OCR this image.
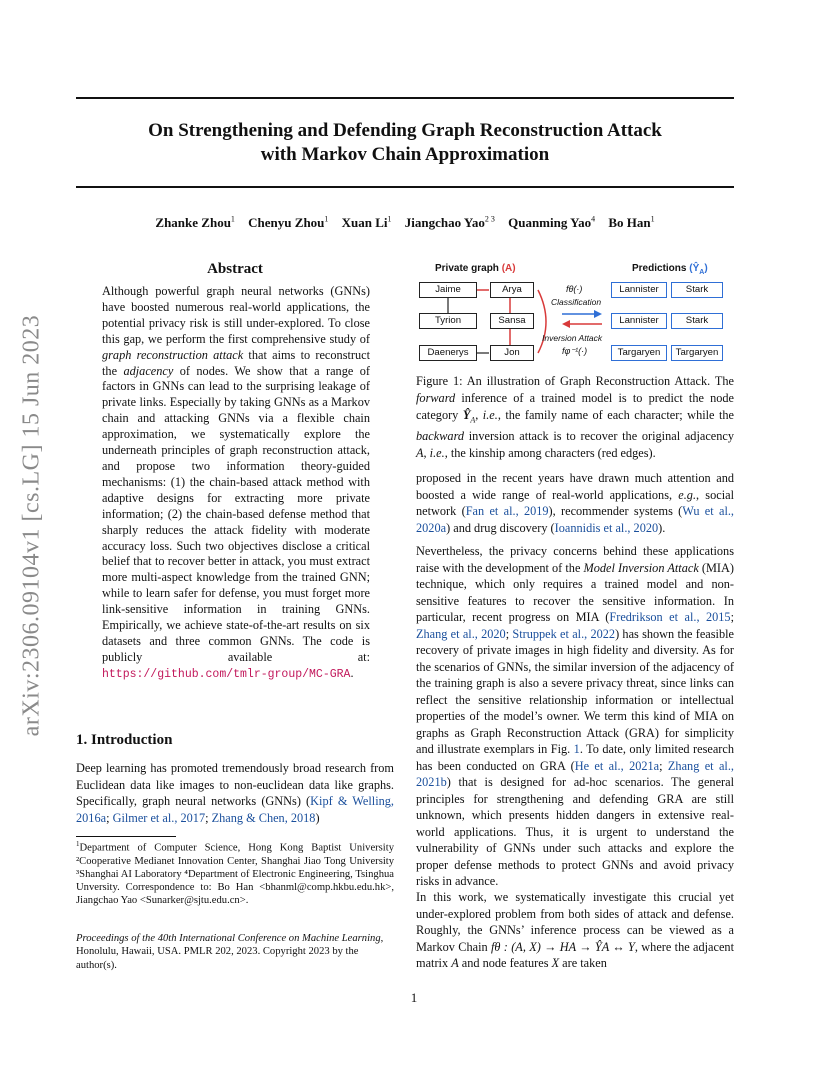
arXiv:2306.09104v1 [cs.LG] 15 Jun 2023
On Strengthening and Defending Graph Reconstruction Attack
with Markov Chain Approximation
Zhanke Zhou$^1$ Chenyu Zhou$^1$ Xuan Li$^1$ Jiangchao Yao$^{2 3}$ Quanming Yao$^4$ Bo Han$^1$
Abstract
Although powerful graph neural networks (GNNs) have boosted numerous real-world applications, the potential privacy risk is still under-explored. To close this gap, we perform the first comprehensive study of graph reconstruction attack that aims to reconstruct the adjacency of nodes. We show that a range of factors in GNNs can lead to the surprising leakage of private links. Especially by taking GNNs as a Markov chain and attacking GNNs via a flexible chain approximation, we systematically explore the underneath principles of graph reconstruction attack, and propose two information theory-guided mechanisms: (1) the chain-based attack method with adaptive designs for extracting more private information; (2) the chain-based defense method that sharply reduces the attack fidelity with moderate accuracy loss. Such two objectives disclose a critical belief that to recover better in attack, you must extract more multi-aspect knowledge from the trained GNN; while to learn safer for defense, you must forget more link-sensitive information in training GNNs. Empirically, we achieve state-of-the-art results on six datasets and three common GNNs. The code is publicly available at: https://github.com/tmlr-group/MC-GRA.
1. Introduction
Deep learning has promoted tremendously broad research from Euclidean data like images to non-euclidean data like graphs. Specifically, graph neural networks (GNNs) (Kipf & Welling, 2016a; Gilmer et al., 2017; Zhang & Chen, 2018)
$^1$Department of Computer Science, Hong Kong Baptist University ²Cooperative Medianet Innovation Center, Shanghai Jiao Tong University ³Shanghai AI Laboratory ⁴Department of Electronic Engineering, Tsinghua Unversity. Correspondence to: Bo Han <bhanml@comp.hkbu.edu.hk>, Jiangchao Yao <Sunarker@sjtu.edu.cn>.
Proceedings of the 40th International Conference on Machine Learning, Honolulu, Hawaii, USA. PMLR 202, 2023. Copyright 2023 by the author(s).
Private graph (A)	Predictions $(Ŷ_A)$
Jaime	Arya
Tyrion	Sansa
Daenerys	Jon
fθ(·)
Classification
Inversion Attack
fφ⁻¹(·)
Lannister	Stark
Lannister	Stark
Targaryen	Targaryen
Figure 1: An illustration of Graph Reconstruction Attack. The forward inference of a trained model is to predict the node category $Ŷ_A$, i.e., the family name of each character; while the backward inversion attack is to recover the original adjacency A, i.e., the kinship among characters (red edges).
proposed in the recent years have drawn much attention and boosted a wide range of real-world applications, e.g., social network (Fan et al., 2019), recommender systems (Wu et al., 2020a) and drug discovery (Ioannidis et al., 2020).
Nevertheless, the privacy concerns behind these applications raise with the development of the Model Inversion Attack (MIA) technique, which only requires a trained model and non-sensitive features to recover the sensitive information. In particular, recent progress on MIA (Fredrikson et al., 2015; Zhang et al., 2020; Struppek et al., 2022) has shown the feasible recovery of private images in high fidelity and diversity. As for the scenarios of GNNs, the similar inversion of the adjacency of the training graph is also a severe privacy threat, since links can reflect the sensitive relationship information or intellectual properties of the model’s owner. We term this kind of MIA on graphs as Graph Reconstruction Attack (GRA) for simplicity and illustrate exemplars in Fig. 1. To date, only limited research has been conducted on GRA (He et al., 2021a; Zhang et al., 2021b) that is designed for ad-hoc scenarios. The general principles for strengthening and defending GRA are still unknown, which presents hidden dangers in extensive real-world applications. Thus, it is urgent to understand the vulnerability of GNNs under such attacks and explore the proper defense methods to protect GNNs and avoid privacy risks in advance.
In this work, we systematically investigate this crucial yet under-explored problem from both sides of attack and defense. Roughly, the GNNs’ inference process can be viewed as a Markov Chain fθ : (A, X) → HA → ŶA ↔ Y, where the adjacent matrix A and node features X are taken
1
